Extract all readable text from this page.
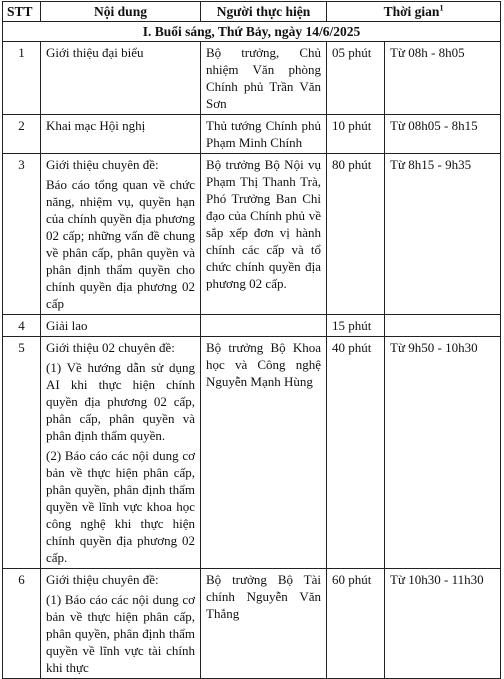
STT	Nội dung	Người thực hiện	Thời gian$^1$
I. Buổi sáng, Thứ Bảy, ngày 14/6/2025				
1	Giới thiệu đại biểu	Bộ trưởng, Chủ nhiệm Văn phòng Chính phủ Trần Văn Sơn	05 phút	Từ 08h - 8h05
2	Khai mạc Hội nghị	Thủ tướng Chính phủ Phạm Minh Chính	10 phút	Từ 08h05 - 8h15
3	Giới thiệu chuyên đề:

Báo cáo tổng quan về chức năng, nhiệm vụ, quyền hạn của chính quyền địa phương 02 cấp; những vấn đề chung về phân cấp, phân quyền và phân định thẩm quyền cho chính quyền địa phương 02 cấp	Bộ trưởng Bộ Nội vụ Phạm Thị Thanh Trà, Phó Trưởng Ban Chỉ đạo của Chính phủ về sắp xếp đơn vị hành chính các cấp và tổ chức chính quyền địa phương 02 cấp.	80 phút	Từ 8h15 - 9h35
4	Giải lao		15 phút	
5	Giới thiệu 02 chuyên đề:

(1) Về hướng dẫn sử dụng AI khi thực hiện chính quyền địa phương 02 cấp, phân cấp, phân quyền và phân định thẩm quyền.

(2) Báo cáo các nội dung cơ bản về thực hiện phân cấp, phân quyền, phân định thẩm quyền về lĩnh vực khoa học công nghệ khi thực hiện chính quyền địa phương 02 cấp.	Bộ trưởng Bộ Khoa học và Công nghệ Nguyễn Mạnh Hùng	40 phút	Từ 9h50 - 10h30
6	Giới thiệu chuyên đề:

(1) Báo cáo các nội dung cơ bản về thực hiện phân cấp, phân quyền, phân định thẩm quyền về lĩnh vực tài chính khi thực	Bộ trưởng Bộ Tài chính Nguyễn Văn Thắng	60 phút	Từ 10h30 - 11h30
